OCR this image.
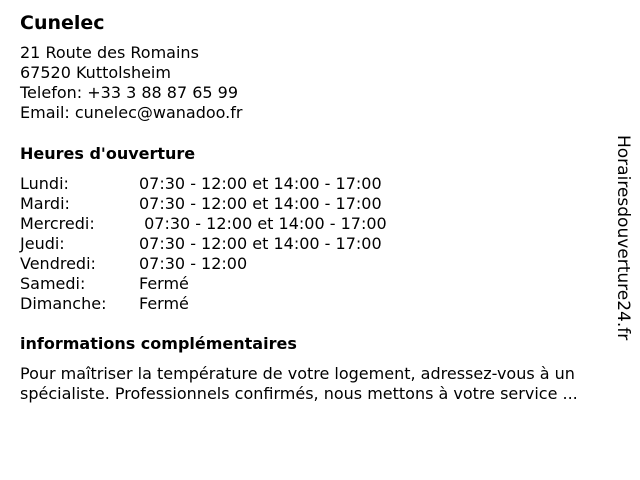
Cunelec
21 Route des Romains
67520 Kuttolsheim
Telefon: +33 3 88 87 65 99
Email: cunelec@wanadoo.fr
Heures d'ouverture
Lundi:	07:30 - 12:00 et 14:00 - 17:00
Mardi:	07:30 - 12:00 et 14:00 - 17:00
Mercredi:	07:30 - 12:00 et 14:00 - 17:00
Jeudi:	07:30 - 12:00 et 14:00 - 17:00
Vendredi:	07:30 - 12:00
Samedi:	Fermé
Dimanche:	Fermé
informations complémentaires
Pour maîtriser la température de votre logement, adressez-vous à un
spécialiste. Professionnels confirmés, nous mettons à votre service ...
Horairesdouverture24.fr
